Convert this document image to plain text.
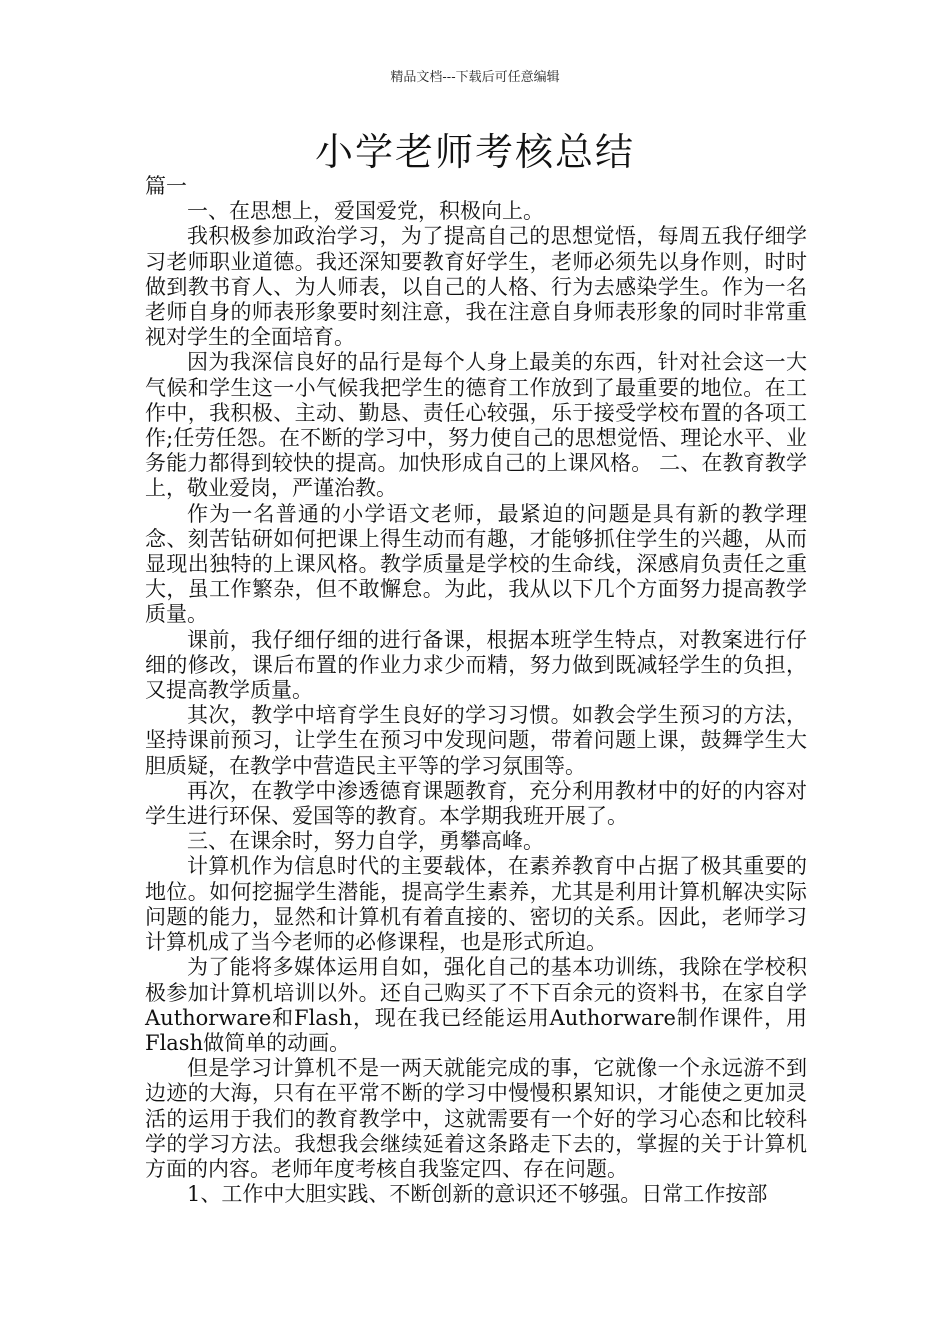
精品文档---下载后可任意编辑
小学老师考核总结

篇一

一、在思想上，爱国爱党，积极向上。

我积极参加政治学习，为了提高自己的思想觉悟，每周五我仔细学习老师职业道德。我还深知要教育好学生，老师必须先以身作则，时时做到教书育人、为人师表，以自己的人格、行为去感染学生。作为一名老师自身的师表形象要时刻注意，我在注意自身师表形象的同时非常重视对学生的全面培育。

因为我深信良好的品行是每个人身上最美的东西，针对社会这一大气候和学生这一小气候我把学生的德育工作放到了最重要的地位。在工作中，我积极、主动、勤恳、责任心较强，乐于接受学校布置的各项工作;任劳任怨。在不断的学习中，努力使自己的思想觉悟、理论水平、业务能力都得到较快的提高。加快形成自己的上课风格。 二、在教育教学上，敬业爱岗，严谨治教。

作为一名普通的小学语文老师，最紧迫的问题是具有新的教学理念、刻苦钻研如何把课上得生动而有趣，才能够抓住学生的兴趣，从而显现出独特的上课风格。教学质量是学校的生命线，深感肩负责任之重大，虽工作繁杂，但不敢懈怠。为此，我从以下几个方面努力提高教学质量。

课前，我仔细仔细的进行备课，根据本班学生特点，对教案进行仔细的修改，课后布置的作业力求少而精，努力做到既减轻学生的负担，又提高教学质量。

其次，教学中培育学生良好的学习习惯。如教会学生预习的方法，坚持课前预习，让学生在预习中发现问题，带着问题上课，鼓舞学生大胆质疑，在教学中营造民主平等的学习氛围等。

再次，在教学中渗透德育课题教育，充分利用教材中的好的内容对学生进行环保、爱国等的教育。本学期我班开展了。

三、在课余时，努力自学，勇攀高峰。

计算机作为信息时代的主要载体，在素养教育中占据了极其重要的地位。如何挖掘学生潜能，提高学生素养，尤其是利用计算机解决实际问题的能力，显然和计算机有着直接的、密切的关系。因此，老师学习计算机成了当今老师的必修课程，也是形式所迫。

为了能将多媒体运用自如，强化自己的基本功训练，我除在学校积极参加计算机培训以外。还自己购买了不下百余元的资料书，在家自学Authorware和Flash，现在我已经能运用Authorware制作课件，用Flash做简单的动画。

但是学习计算机不是一两天就能完成的事，它就像一个永远游不到边迹的大海，只有在平常不断的学习中慢慢积累知识，才能使之更加灵活的运用于我们的教育教学中，这就需要有一个好的学习心态和比较科学的学习方法。我想我会继续延着这条路走下去的，掌握的关于计算机方面的内容。老师年度考核自我鉴定四、存在问题。

1、工作中大胆实践、不断创新的意识还不够强。日常工作按部
